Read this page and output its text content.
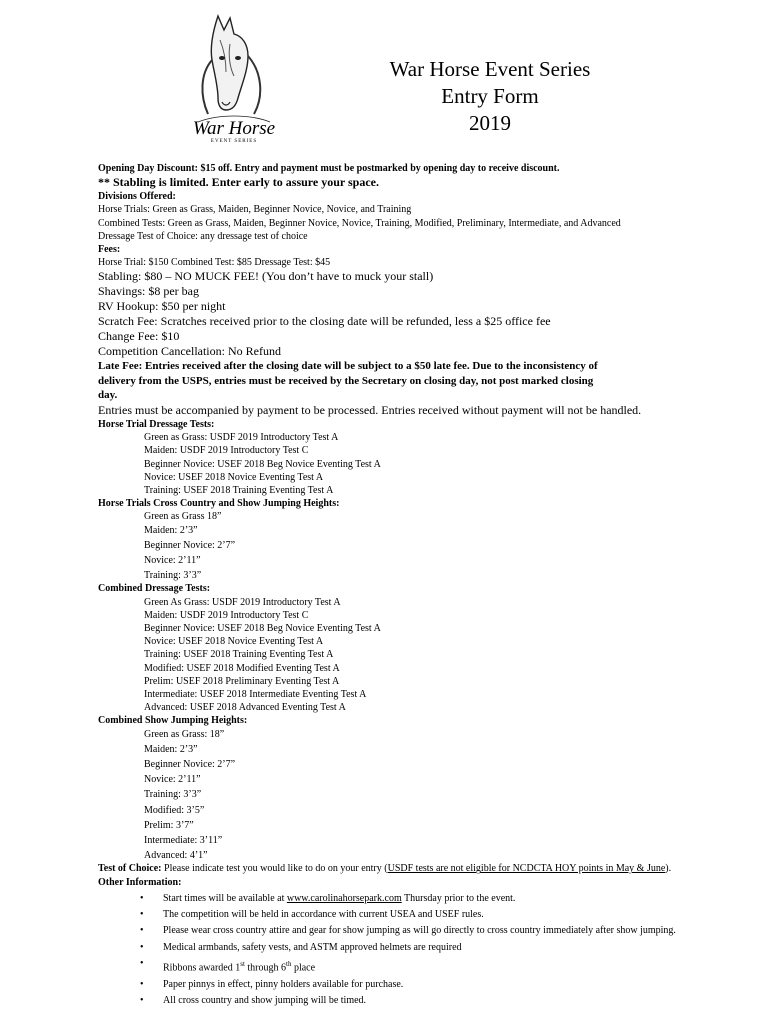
War Horse
EVENT SERIES
War Horse Event Series
Entry Form
2019
Opening Day Discount: $15 off. Entry and payment must be postmarked by opening day to receive discount.
** Stabling is limited. Enter early to assure your space.
Divisions Offered:
Horse Trials: Green as Grass, Maiden, Beginner Novice, Novice, and Training
Combined Tests: Green as Grass, Maiden, Beginner Novice, Novice, Training, Modified, Preliminary, Intermediate, and Advanced
Dressage Test of Choice: any dressage test of choice
Fees:
Horse Trial: $150 Combined Test: $85 Dressage Test: $45
Stabling: $80 – NO MUCK FEE! (You don’t have to muck your stall)
Shavings: $8 per bag
RV Hookup: $50 per night
Scratch Fee: Scratches received prior to the closing date will be refunded, less a $25 office fee
Change Fee: $10
Competition Cancellation: No Refund
Late Fee: Entries received after the closing date will be subject to a $50 late fee. Due to the inconsistency of delivery from the USPS, entries must be received by the Secretary on closing day, not post marked closing day.
Entries must be accompanied by payment to be processed. Entries received without payment will not be handled.
Horse Trial Dressage Tests:
Green as Grass: USDF 2019 Introductory Test A
Maiden: USDF 2019 Introductory Test C
Beginner Novice: USEF 2018 Beg Novice Eventing Test A
Novice: USEF 2018 Novice Eventing Test A
Training: USEF 2018 Training Eventing Test A
Horse Trials Cross Country and Show Jumping Heights:
Green as Grass 18”
Maiden: 2’3”
Beginner Novice: 2’7”
Novice: 2’11”
Training: 3’3”
Combined Dressage Tests:
Green As Grass: USDF 2019 Introductory Test A
Maiden: USDF 2019 Introductory Test C
Beginner Novice: USEF 2018 Beg Novice Eventing Test A
Novice: USEF 2018 Novice Eventing Test A
Training: USEF 2018 Training Eventing Test A
Modified: USEF 2018 Modified Eventing Test A
Prelim: USEF 2018 Preliminary Eventing Test A
Intermediate: USEF 2018 Intermediate Eventing Test A
Advanced: USEF 2018 Advanced Eventing Test A
Combined Show Jumping Heights:
Green as Grass: 18”
Maiden: 2’3”
Beginner Novice: 2’7”
Novice: 2’11”
Training: 3’3”
Modified: 3’5”
Prelim: 3’7”
Intermediate: 3’11”
Advanced: 4’1”
Test of Choice: Please indicate test you would like to do on your entry (USDF tests are not eligible for NCDCTA HOY points in May & June).
Other Information:
• Start times will be available at www.carolinahorsepark.com Thursday prior to the event.
• The competition will be held in accordance with current USEA and USEF rules.
• Please wear cross country attire and gear for show jumping as will go directly to cross country immediately after show jumping.
• Medical armbands, safety vests, and ASTM approved helmets are required
• Ribbons awarded 1st through 6th place
• Paper pinnys in effect, pinny holders available for purchase.
• All cross country and show jumping will be timed.
